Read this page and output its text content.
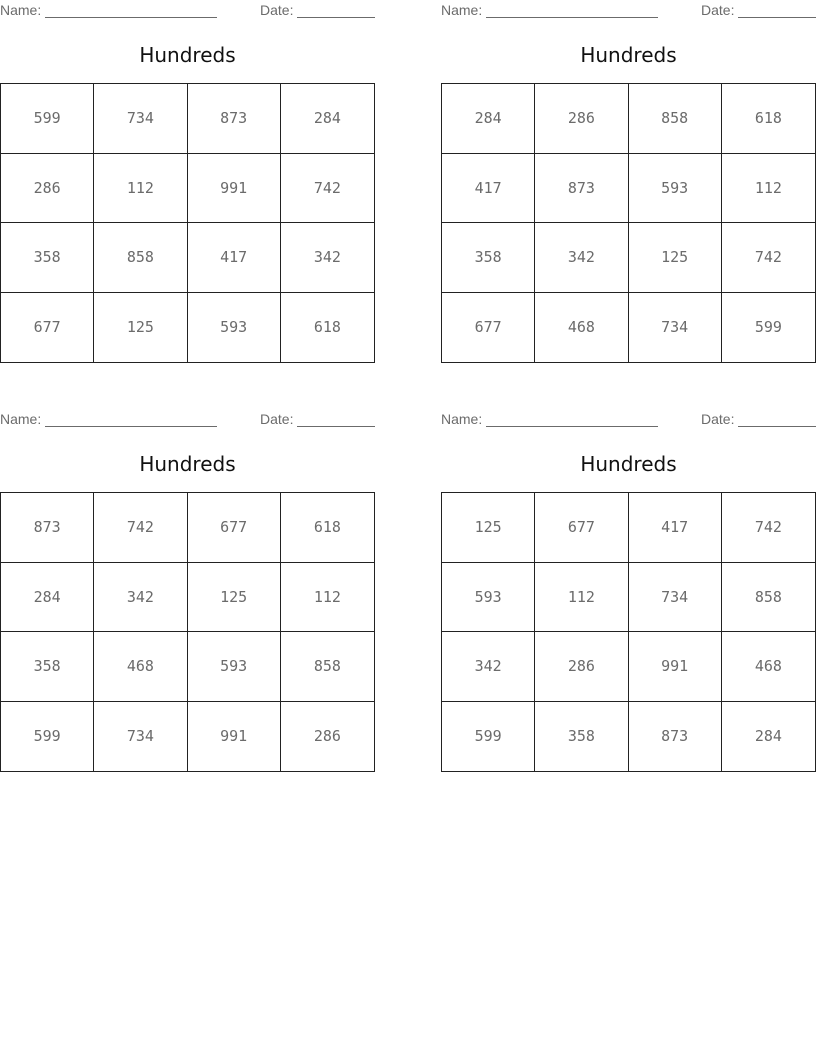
Name:	Date:
Hundreds
599	734	873	284
286	112	991	742
358	858	417	342
677	125	593	618
Name:	Date:
Hundreds
284	286	858	618
417	873	593	112
358	342	125	742
677	468	734	599
Name:	Date:
Hundreds
873	742	677	618
284	342	125	112
358	468	593	858
599	734	991	286
Name:	Date:
Hundreds
125	677	417	742
593	112	734	858
342	286	991	468
599	358	873	284
